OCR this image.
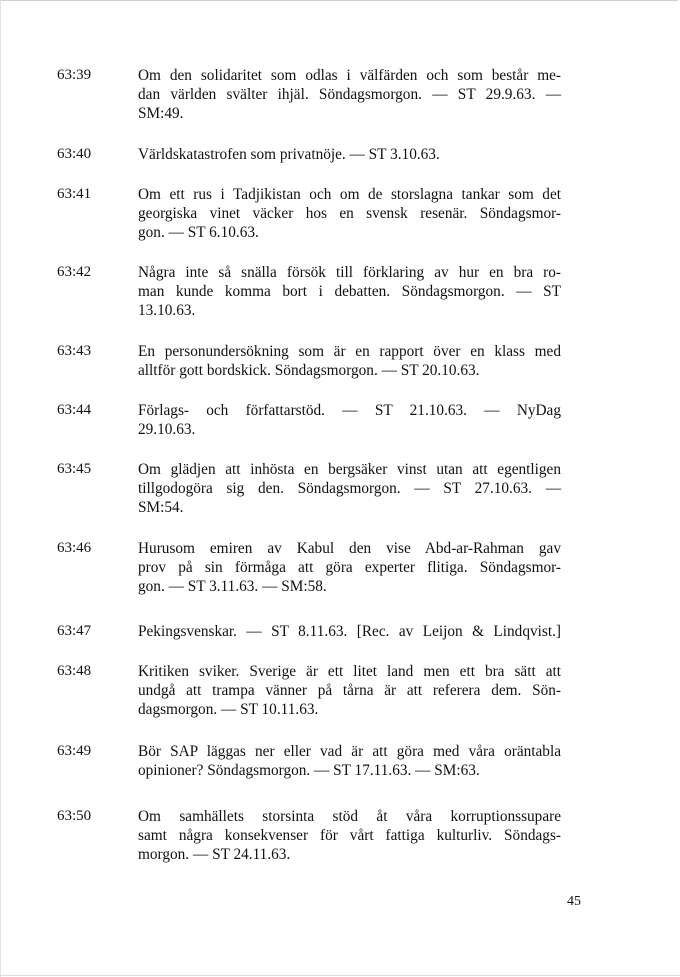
63:39	Om den solidaritet som odlas i välfärden och som består me-
dan världen svälter ihjäl. Söndagsmorgon. — ST 29.9.63. —
SM:49.
63:40	Världskatastrofen som privatnöje. — ST 3.10.63.
63:41	Om ett rus i Tadjikistan och om de storslagna tankar som det
georgiska vinet väcker hos en svensk resenär. Söndagsmor-
gon. — ST 6.10.63.
63:42	Några inte så snälla försök till förklaring av hur en bra ro-
man kunde komma bort i debatten. Söndagsmorgon. — ST
13.10.63.
63:43	En personundersökning som är en rapport över en klass med
alltför gott bordskick. Söndagsmorgon. — ST 20.10.63.
63:44	Förlags- och författarstöd. — ST 21.10.63. — NyDag
29.10.63.
63:45	Om glädjen att inhösta en bergsäker vinst utan att egentligen
tillgodogöra sig den. Söndagsmorgon. — ST 27.10.63. —
SM:54.
63:46	Hurusom emiren av Kabul den vise Abd-ar-Rahman gav
prov på sin förmåga att göra experter flitiga. Söndagsmor-
gon. — ST 3.11.63. — SM:58.
63:47	Pekingsvenskar. — ST 8.11.63. [Rec. av Leijon & Lindqvist.]
63:48	Kritiken sviker. Sverige är ett litet land men ett bra sätt att
undgå att trampa vänner på tårna är att referera dem. Sön-
dagsmorgon. — ST 10.11.63.
63:49	Bör SAP läggas ner eller vad är att göra med våra oräntabla
opinioner? Söndagsmorgon. — ST 17.11.63. — SM:63.
63:50	Om samhällets storsinta stöd åt våra korruptionssupare
samt några konsekvenser för vårt fattiga kulturliv. Söndags-
morgon. — ST 24.11.63.
45
